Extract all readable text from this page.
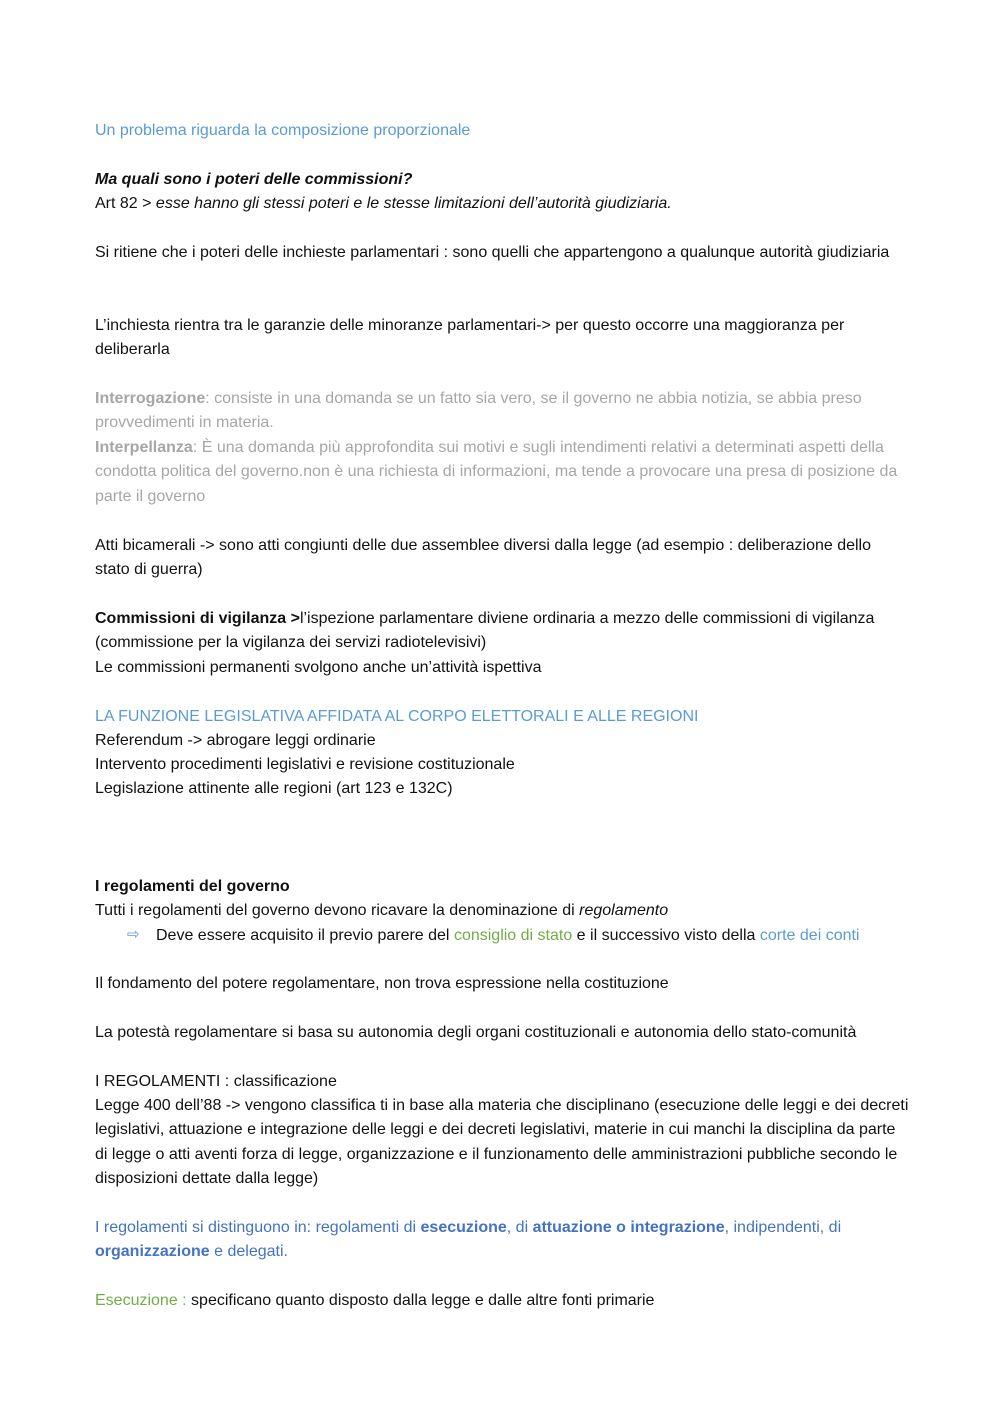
Un problema riguarda la composizione proporzionale

Ma quali sono i poteri delle commissioni?

Art 82 > esse hanno gli stessi poteri e le stesse limitazioni dell’autorità giudiziaria.

Si ritiene che i poteri delle inchieste parlamentari : sono quelli che appartengono a qualunque autorità giudiziaria

L’inchiesta rientra tra le garanzie delle minoranze parlamentari-> per questo occorre una maggioranza per deliberarla

Interrogazione: consiste in una domanda se un fatto sia vero, se il governo ne abbia notizia, se abbia preso provvedimenti in materia.

Interpellanza: È una domanda più approfondita sui motivi e sugli intendimenti relativi a determinati aspetti della condotta politica del governo.non è una richiesta di informazioni, ma tende a provocare una presa di posizione da parte il governo

Atti bicamerali -> sono atti congiunti delle due assemblee diversi dalla legge (ad esempio : deliberazione dello stato di guerra)

Commissioni di vigilanza >l’ispezione parlamentare diviene ordinaria a mezzo delle commissioni di vigilanza (commissione per la vigilanza dei servizi radiotelevisivi)

Le commissioni permanenti svolgono anche un’attività ispettiva

LA FUNZIONE LEGISLATIVA AFFIDATA AL CORPO ELETTORALI E ALLE REGIONI

Referendum -> abrogare leggi ordinarie

Intervento procedimenti legislativi e revisione costituzionale

Legislazione attinente alle regioni (art 123 e 132C)

I regolamenti del governo

Tutti i regolamenti del governo devono ricavare la denominazione di regolamento

⇨ Deve essere acquisito il previo parere del consiglio di stato e il successivo visto della corte dei conti

Il fondamento del potere regolamentare, non trova espressione nella costituzione

La potestà regolamentare si basa su autonomia degli organi costituzionali e autonomia dello stato-comunità

I REGOLAMENTI : classificazione

Legge 400 dell’88 -> vengono classifica ti in base alla materia che disciplinano (esecuzione delle leggi e dei decreti legislativi, attuazione e integrazione delle leggi e dei decreti legislativi, materie in cui manchi la disciplina da parte di legge o atti aventi forza di legge, organizzazione e il funzionamento delle amministrazioni pubbliche secondo le disposizioni dettate dalla legge)

I regolamenti si distinguono in: regolamenti di esecuzione, di attuazione o integrazione, indipendenti, di organizzazione e delegati.

Esecuzione : specificano quanto disposto dalla legge e dalle altre fonti primarie
